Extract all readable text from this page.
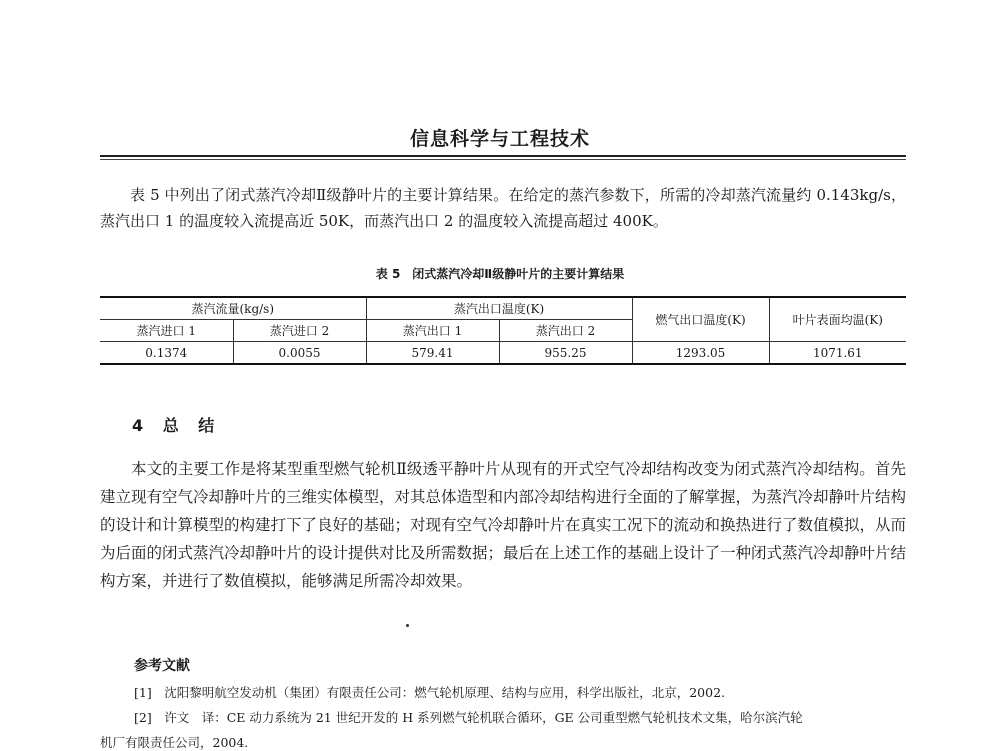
信息科学与工程技术

表 5 中列出了闭式蒸汽冷却Ⅱ级静叶片的主要计算结果。在给定的蒸汽参数下，所需的冷却蒸汽流量约 0.143kg/s，蒸汽出口 1 的温度较入流提高近 50K，而蒸汽出口 2 的温度较入流提高超过 400K。

表 5　闭式蒸汽冷却Ⅱ级静叶片的主要计算结果
蒸汽流量(kg/s)		蒸汽出口温度(K)		燃气出口温度(K)	叶片表面均温(K)
蒸汽进口 1	蒸汽进口 2	蒸汽出口 1	蒸汽出口 2		
0.1374	0.0055	579.41	955.25	1293.05	1071.61
4 总 结

本文的主要工作是将某型重型燃气轮机Ⅱ级透平静叶片从现有的开式空气冷却结构改变为闭式蒸汽冷却结构。首先建立现有空气冷却静叶片的三维实体模型，对其总体造型和内部冷却结构进行全面的了解掌握，为蒸汽冷却静叶片结构的设计和计算模型的构建打下了良好的基础；对现有空气冷却静叶片在真实工况下的流动和换热进行了数值模拟，从而为后面的闭式蒸汽冷却静叶片的设计提供对比及所需数据；最后在上述工作的基础上设计了一种闭式蒸汽冷却静叶片结构方案，并进行了数值模拟，能够满足所需冷却效果。

参考文献
[1]　沈阳黎明航空发动机（集团）有限责任公司：燃气轮机原理、结构与应用，科学出版社，北京，2002.
[2]　许文　译：CE 动力系统为 21 世纪开发的 H 系列燃气轮机联合循环，GE 公司重型燃气轮机技术文集，哈尔滨汽轮
机厂有限责任公司，2004.
